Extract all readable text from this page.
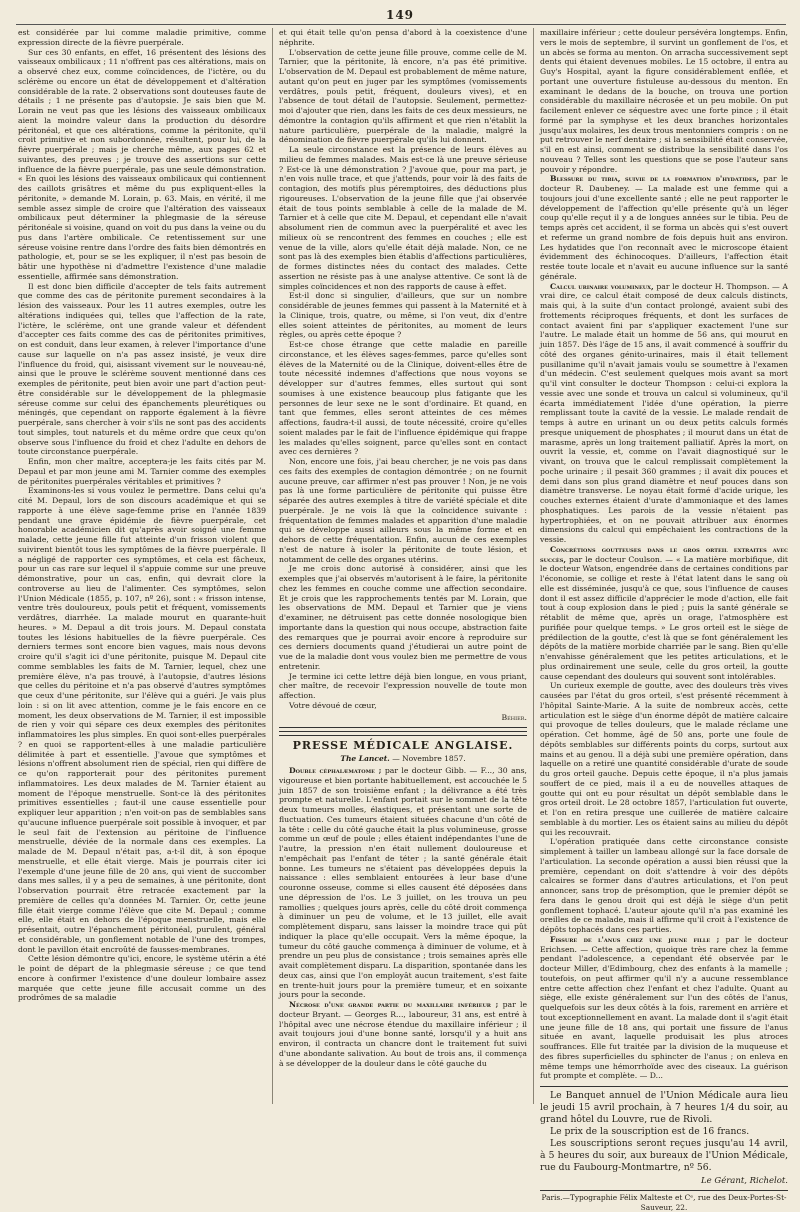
149

est considérée par lui comme maladie primitive, comme expression directe de la fièvre puerpérale.

Sur ces 30 enfants, en effet, 16 présentent des lésions des vaisseaux ombilicaux ; 11 n'offrent pas ces altérations, mais on a observé chez eux, comme coïncidences, de l'ictère, ou du sclérème ou encore un état de développement et d'altération considérable de la rate. 2 observations sont douteuses faute de détails ; 1 ne présente pas d'autopsie. Je sais bien que M. Lorain ne veut pas que les lésions des vaisseaux ombilicaux aient la moindre valeur dans la production du désordre péritonéal, et que ces altérations, comme la péritonite, qu'il croit primitive et non subordonnée, résultent, pour lui, de la fièvre puerpérale ; mais je cherche même, aux pages 62 et suivantes, des preuves ; je trouve des assertions sur cette influence de la fièvre puerpérale, pas une seule démonstration. « En quoi les lésions des vaisseaux ombilicaux qui contiennent des caillots grisâtres et même du pus expliquent-elles la péritonite, » demande M. Lorain, p. 63. Mais, en vérité, il me semble assez simple de croire que l'altération des vaisseaux ombilicaux peut déterminer la phlegmasie de la séreuse péritonéale si voisine, quand on voit du pus dans la veine ou du pus dans l'artère ombilicale. Ce retentissement sur une séreuse voisine rentre dans l'ordre des faits bien démontrés en pathologie, et, pour se se les expliquer, il n'est pas besoin de bâtir une hypothèse ni d'admettre l'existence d'une maladie essentielle, affirmée sans démonstration.

Il est donc bien difficile d'accepter de tels faits autrement que comme des cas de péritonite purement secondaires à la lésion des vaisseaux. Pour les 11 autres exemples, outre les altérations indiquées qui, telles que l'affection de la rate, l'ictère, le sclérème, ont une grande valeur et défendent d'accepter ces faits comme des cas de péritonites primitives, on est conduit, dans leur examen, à relever l'importance d'une cause sur laquelle on n'a pas assez insisté, je veux dire l'influence du froid, qui, aisissant vivement sur le nouveau-né, ainsi que le prouve le sclérème souvent mentionné dans ces exemples de péritonite, peut bien avoir une part d'action peut-être considérable sur le développement de la phlegmasie séreuse comme sur celui des épanchements pleurétiques ou méningés, que cependant on rapporte également à la fièvre puerpérale, sans chercher à voir s'ils ne sont pas des accidents tout simples, tout naturels et du même ordre que ceux qu'on observe sous l'influence du froid et chez l'adulte en dehors de toute circonstance puerpérale.

Enfin, mon cher maître, acceptera-je les faits cités par M. Depaul et par mon jeune ami M. Tarnier comme des exemples de péritonites puerpérales véritables et primitives ?

Examinons-les si vous voulez le permettre. Dans celui qu'a cité M. Depaul, lors de son discours académique et qui se rapporte à une élève sage-femme prise en l'année 1839 pendant une grave épidémie de fièvre puerpérale, cet honorable académicien dit qu'après avoir soigné une femme malade, cette jeune fille fut atteinte d'un frisson violent que suivirent bientôt tous les symptômes de la fièvre puerpérale. Il a négligé de rapporter ces symptômes, et cela est fâcheux, pour un cas rare sur lequel il s'appuie comme sur une preuve démonstrative, pour un cas, enfin, qui devrait clore la controverse au lieu de l'alimenter. Ces symptômes, selon l'Union Médicale (1855, p. 107, nº 26), sont : « frisson intense, ventre très douloureux, pouls petit et fréquent, vomissements verdâtres, diarrhée. La malade mourut en quarante-huit heures. » M. Depaul a dit trois jours. M. Depaul constata toutes les lésions habituelles de la fièvre puerpérale. Ces derniers termes sont encore bien vagues, mais nous devons croire qu'il s'agit ici d'une péritonite, puisque M. Depaul cite comme semblables les faits de M. Tarnier, lequel, chez une première élève, n'a pas trouvé, à l'autopsie, d'autres lésions que celles du péritoine et n'a pas observé d'autres symptômes que ceux d'une péritonite, sur l'élève qui a guéri. Je vais plus loin : si on lit avec attention, comme je le fais encore en ce moment, les deux observations de M. Tarnier, il est impossible de rien y voir qui sépare ces deux exemples des péritonites inflammatoires les plus simples. En quoi sont-elles puerpérales ? en quoi se rapportent-elles à une maladie particulière délimitée à part et essentielle. J'avoue que symptômes et lésions n'offrent absolument rien de spécial, rien qui diffère de ce qu'on rapporterait pour des péritonites purement inflammatoires. Les deux malades de M. Tarnier étaient au moment de l'époque menstruelle. Sont-ce là des péritonites primitives essentielles ; faut-il une cause essentielle pour expliquer leur apparition ; n'en voit-on pas de semblables sans qu'aucune influence puerpérale soit possible à invoquer, et par le seul fait de l'extension au péritoine de l'influence menstruelle, déviée de la normale dans ces exemples. La malade de M. Depaul n'était pas, a-t-il dit, à son époque menstruelle, et elle était vierge. Mais je pourrais citer ici l'exemple d'une jeune fille de 20 ans, qui vient de succomber dans mes salles, il y a peu de semaines, à une péritonite, dont l'observation pourrait être retracée exactement par la première de celles qu'a données M. Tarnier. Or, cette jeune fille était vierge comme l'élève que cite M. Depaul ; comme elle, elle était en dehors de l'époque menstruelle, mais elle présentait, outre l'épanchement péritonéal, purulent, général et considérable, un gonflement notable de l'une des trompes, dont le pavillon était encroûté de fausses-membranes.

Cette lésion démontre qu'ici, encore, le système utérin a été le point de départ de la phlegmasie séreuse ; ce que tend encore à confirmer l'existence d'une douleur lombaire assez marquée que cette jeune fille accusait comme un des prodrômes de sa maladie

et qui était telle qu'on pensa d'abord à la coexistence d'une néphrite.

L'observation de cette jeune fille prouve, comme celle de M. Tarnier, que la péritonite, là encore, n'a pas été primitive. L'observation de M. Depaul est probablement de même nature, autant qu'on peut en juger par les symptômes (vomissements verdâtres, pouls petit, fréquent, douleurs vives), et en l'absence de tout détail de l'autopsie. Seulement, permettez-moi d'ajouter que rien, dans les faits de ces deux messieurs, ne démontre la contagion qu'ils affirment et que rien n'établit la nature particulière, puerpérale de la maladie, malgré la dénomination de fièvre puerpérale qu'ils lui donnent.

La seule circonstance est la présence de leurs élèves au milieu de femmes malades. Mais est-ce là une preuve sérieuse ? Est-ce là une démonstration ? J'avoue que, pour ma part, je n'en vois nulle trace, et que j'attends, pour voir là des faits de contagion, des motifs plus péremptoires, des déductions plus rigoureuses. L'observation de la jeune fille que j'ai observée était de tous points semblable à celle de la malade de M. Tarnier et à celle que cite M. Depaul, et cependant elle n'avait absolument rien de commun avec la puerpéralité et avec les milieux où se rencontrent des femmes en couches ; elle est venue de la ville, alors qu'elle était déjà malade. Non, ce ne sont pas là des exemples bien établis d'affections particulières, de formes distinctes nées du contact des malades. Cette assertion ne résiste pas à une analyse attentive. Ce sont là de simples coïncidences et non des rapports de cause à effet.

Est-il donc si singulier, d'ailleurs, que sur un nombre considérable de jeunes femmes qui passent à la Maternité et à la Clinique, trois, quatre, ou même, si l'on veut, dix d'entre elles soient atteintes de péritonites, au moment de leurs règles, ou après cette époque ?

Est-ce chose étrange que cette maladie en pareille circonstance, et les élèves sages-femmes, parce qu'elles sont élèves de la Maternité ou de la Clinique, doivent-elles être de toute nécessité indemnes d'affections que nous voyons se développer sur d'autres femmes, elles surtout qui sont soumises à une existence beaucoup plus fatigante que les personnes de leur sexe ne le sont d'ordinaire. Et quand, en tant que femmes, elles seront atteintes de ces mêmes affections, faudra-t-il aussi, de toute nécessité, croire qu'elles soient malades par le fait de l'influence épidémique qui frappe les malades qu'elles soignent, parce qu'elles sont en contact avec ces dernières ?

Non, encore une fois, j'ai beau chercher, je ne vois pas dans ces faits des exemples de contagion démontrée ; on ne fournit aucune preuve, car affirmer n'est pas prouver ! Non, je ne vois pas là une forme particulière de péritonite qui puisse être séparée des autres exemples à titre de variété spéciale et dite puerpérale. Je ne vois là que la coïncidence suivante : fréquentation de femmes malades et apparition d'une maladie qui se développe aussi ailleurs sous la même forme et en dehors de cette fréquentation. Enfin, aucun de ces exemples n'est de nature à isoler la péritonite de toute lésion, et notamment de celle des organes utérins.

Je me crois donc autorisé à considérer, ainsi que les exemples que j'ai observés m'autorisent à le faire, la péritonite chez les femmes en couche comme une affection secondaire. Et je crois que les rapprochements tentés par M. Lorain, que les observations de MM. Depaul et Tarnier que je viens d'examiner, ne détruisent pas cette donnée nosologique bien importante dans la question qui nous occupe, abstraction faite des remarques que je pourrai avoir encore à reproduire sur ces derniers documents quand j'étudierai un autre point de vue de la maladie dont vous voulez bien me permettre de vous entretenir.

Je termine ici cette lettre déjà bien longue, en vous priant, cher maître, de recevoir l'expression nouvelle de toute mon affection.

Votre dévoué de cœur,

Béhier.
PRESSE MÉDICALE ANGLAISE.
The Lancet. — Novembre 1857.

Double céphalæmatome ; par le docteur Gibb. — F..., 30 ans, vigoureuse et bien portante habituellement, est accouchée le 5 juin 1857 de son troisième enfant ; la délivrance a été très prompte et naturelle. L'enfant portait sur le sommet de la tête deux tumeurs molles, élastiques, et présentant une sorte de fluctuation. Ces tumeurs étaient situées chacune d'un côté de la tête : celle du côté gauche était la plus volumineuse, grosse comme un œuf de poule ; elles étaient indépendantes l'une de l'autre, la pression n'en était nullement douloureuse et n'empêchait pas l'enfant de téter ; la santé générale était bonne. Les tumeurs ne s'étaient pas développées depuis la naissance : elles semblaient entourées à leur base d'une couronne osseuse, comme si elles causent été déposées dans une dépression de l'os. Le 3 juillet, on les trouva un peu ramollies ; quelques jours après, celle du côté droit commença à diminuer un peu de volume, et le 13 juillet, elle avait complètement disparu, sans laisser la moindre trace qui pût indiquer la place qu'elle occupait. Vers la même époque, la tumeur du côté gauche commença à diminuer de volume, et à prendre un peu plus de consistance ; trois semaines après elle avait complètement disparu. La disparition, spontanée dans les deux cas, ainsi que l'on employât aucun traitement, s'est faite en trente-huit jours pour la première tumeur, et en soixante jours pour la seconde.

Nécrose d'une grande partie du maxillaire inférieur ; par le docteur Bryant. — Georges R..., laboureur, 31 ans, est entré à l'hôpital avec une nécrose étendue du maxillaire inférieur ; il avait toujours joui d'une bonne santé, lorsqu'il y a huit ans environ, il contracta un chancre dont le traitement fut suivi d'une abondante salivation. Au bout de trois ans, il commença à se développer de la douleur dans le côté gauche du

maxillaire inférieur ; cette douleur persévéra longtemps. Enfin, vers le mois de septembre, il survint un gonflement de l'os, et un abcès se forma au menton. On arracha successivement sept dents qui étaient devenues mobiles. Le 15 octobre, il entra au Guy's Hospital, ayant la figure considérablement enflée, et portant une ouverture fistuleuse au-dessous du menton. En examinant le dedans de la bouche, on trouva une portion considérable du maxillaire nécrosée et un peu mobile. On put facilement enlever ce séquestre avec une forte pince ; il était formé par la symphyse et les deux branches horizontales jusqu'aux molaires, les deux trous mentonniers compris : on ne put retrouver le nerf dentaire ; si la sensibilité était conservée, s'il en est ainsi, comment se distribue la sensibilité dans l'os nouveau ? Telles sont les questions que se pose l'auteur sans pouvoir y répondre.

Blessure du tibia, suivie de la formation d'hydatides, par le docteur R. Daubeney. — La malade est une femme qui a toujours joui d'une excellente santé ; elle ne peut rapporter le développement de l'affection qu'elle présente qu'à un léger coup qu'elle reçut il y a de longues années sur le tibia. Peu de temps après cet accident, il se forma un abcès qui s'est ouvert et referme un grand nombre de fois depuis huit ans environ. Les hydatides que l'on reconnaît avec le microscope étaient évidemment des échinocoques. D'ailleurs, l'affection était restée toute locale et n'avait eu aucune influence sur la santé générale.

Calcul urinaire volumineux, par le docteur H. Thompson. — A vrai dire, ce calcul était composé de deux calculs distincts, mais qui, à la suite d'un contact prolongé, avaient subi des frottements réciproques fréquents, et dont les surfaces de contact avaient fini par s'appliquer exactement l'une sur l'autre. Le malade était un homme de 56 ans, qui mourut en juin 1857. Dès l'âge de 15 ans, il avait commencé à souffrir du côté des organes génito-urinaires, mais il était tellement pusillanime qu'il n'avait jamais voulu se soumettre à l'examen d'un médecin. C'est seulement quelques mois avant sa mort qu'il vint consulter le docteur Thompson : celui-ci explora la vessie avec une sonde et trouva un calcul si volumineux, qu'il écarta immédiatement l'idée d'une opération, la pierre remplissant toute la cavité de la vessie. Le malade rendait de temps à autre en urinant un ou deux petits calculs formés presque uniquement de phosphates ; il mourut dans un état de marasme, après un long traitement palliatif. Après la mort, on ouvrit la vessie, et, comme on l'avait diagnostiqué sur le vivant, on trouva que le calcul remplissait complètement la poche urinaire ; il pesait 360 grammes ; il avait dix pouces et demi dans son plus grand diamètre et neuf pouces dans son diamètre transverse. Le noyau était formé d'acide urique, les couches externes étaient d'urate d'ammoniaque et des lames phosphatiques. Les parois de la vessie n'étaient pas hypertrophiées, et on ne pouvait attribuer aux énormes dimensions du calcul qui empêchaient les contractions de la vessie.

Concrétions goutteuses dans le gros orteil extraites avec succès, par le docteur Coulson. — « La matière morbifique, dit le docteur Watson, engendrée dans de certaines conditions par l'économie, se collige et reste à l'état latent dans le sang où elle est disséminée, jusqu'à ce que, sous l'influence de causes dont il est assez difficile d'apprécier le mode d'action, elle fait tout à coup explosion dans le pied ; puis la santé générale se rétablit de même que, après un orage, l'atmosphère est purifiée pour quelque temps. » Le gros orteil est le siège de prédilection de la goutte, c'est là que se font généralement les dépôts de la matière morbide charriée par le sang. Bien qu'elle n'envahisse généralement que les petites articulations, et le plus ordinairement une seule, celle du gros orteil, la goutte cause cependant des douleurs qui souvent sont intolérables.

Un curieux exemple de goutte, avec des douleurs très vives causées par l'état du gros orteil, s'est présenté récemment à l'hôpital Sainte-Marie. A la suite de nombreux accès, cette articulation est le siège d'un énorme dépôt de matière calcaire qui provoque de telles douleurs, que le malade réclame une opération. Cet homme, âgé de 50 ans, porte une foule de dépôts semblables sur différents points du corps, surtout aux mains et au genou. Il a déjà subi une première opération, dans laquelle on a retiré une quantité considérable d'urate de soude du gros orteil gauche. Depuis cette époque, il n'a plus jamais souffert de ce pied, mais il a eu de nouvelles attaques de goutte qui ont eu pour résultat un dépôt semblable dans le gros orteil droit. Le 28 octobre 1857, l'articulation fut ouverte, et l'on en retira presque une cuillerée de matière calcaire semblable à du mortier. Les os étaient sains au milieu du dépôt qui les recouvrait.

L'opération pratiquée dans cette circonstance consiste simplement à tailler un lambeau allongé sur la face dorsale de l'articulation. La seconde opération a aussi bien réussi que la première, cependant on doit s'attendre à voir des dépôts calcaires se former dans d'autres articulations, et l'on peut annoncer, sans trop de présomption, que le premier dépôt se fera dans le genou droit qui est déjà le siège d'un petit gonflement tophacé. L'auteur ajoute qu'il n'a pas examiné les oreilles de ce malade, mais il affirme qu'il croit à l'existence de dépôts tophacés dans ces parties.

Fissure de l'anus chez une jeune fille ; par le docteur Erichsen. — Cette affection, quoique très rare chez la femme pendant l'adolescence, a cependant été observée par le docteur Miller, d'Edimbourg, chez des enfants à la mamelle ; toutefois, on peut affirmer qu'il n'y a aucune ressemblance entre cette affection chez l'enfant et chez l'adulte. Quant au siège, elle existe généralement sur l'un des côtés de l'anus, quelquefois sur les deux côtés à la fois, rarement en arrière et tout exceptionnellement en avant. La malade dont il s'agit était une jeune fille de 18 ans, qui portait une fissure de l'anus située en avant, laquelle produisait les plus atroces souffrances. Elle fut traitée par la division de la muqueuse et des fibres superficielles du sphincter de l'anus ; on enleva en même temps une hémorrhoïde avec des ciseaux. La guérison fut prompte et complète. — D...

Le Banquet annuel de l'Union Médicale aura lieu le jeudi 15 avril prochain, à 7 heures 1/4 du soir, au grand hôtel du Louvre, rue de Rivoli.

Le prix de la souscription est de 16 francs.

Les souscriptions seront reçues jusqu'au 14 avril, à 5 heures du soir, aux bureaux de l'Union Médicale, rue du Faubourg-Montmartre, nº 56.

Le Gérant, Richelot.
Paris.—Typographie Félix Malteste et Cᵉ, rue des Deux-Portes-St-Sauveur, 22.
